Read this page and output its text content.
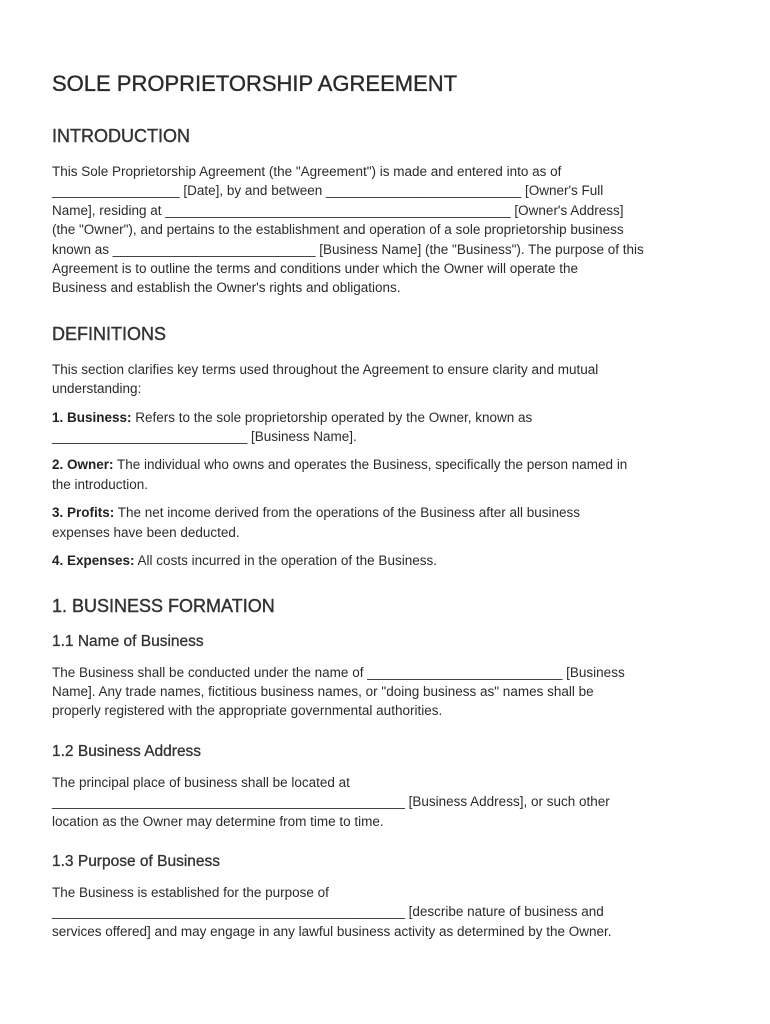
SOLE PROPRIETORSHIP AGREEMENT
INTRODUCTION

This Sole Proprietorship Agreement (the "Agreement") is made and entered into as of
_________________ [Date], by and between __________________________ [Owner's Full
Name], residing at ______________________________________________ [Owner's Address]
(the "Owner"), and pertains to the establishment and operation of a sole proprietorship business
known as ___________________________ [Business Name] (the "Business"). The purpose of this
Agreement is to outline the terms and conditions under which the Owner will operate the
Business and establish the Owner's rights and obligations.

DEFINITIONS

This section clarifies key terms used throughout the Agreement to ensure clarity and mutual
understanding:

1. Business: Refers to the sole proprietorship operated by the Owner, known as
__________________________ [Business Name].

2. Owner: The individual who owns and operates the Business, specifically the person named in
the introduction.

3. Profits: The net income derived from the operations of the Business after all business
expenses have been deducted.

4. Expenses: All costs incurred in the operation of the Business.

1. BUSINESS FORMATION
1.1 Name of Business

The Business shall be conducted under the name of __________________________ [Business
Name]. Any trade names, fictitious business names, or "doing business as" names shall be
properly registered with the appropriate governmental authorities.

1.2 Business Address

The principal place of business shall be located at
_______________________________________________ [Business Address], or such other
location as the Owner may determine from time to time.

1.3 Purpose of Business

The Business is established for the purpose of
_______________________________________________ [describe nature of business and
services offered] and may engage in any lawful business activity as determined by the Owner.
